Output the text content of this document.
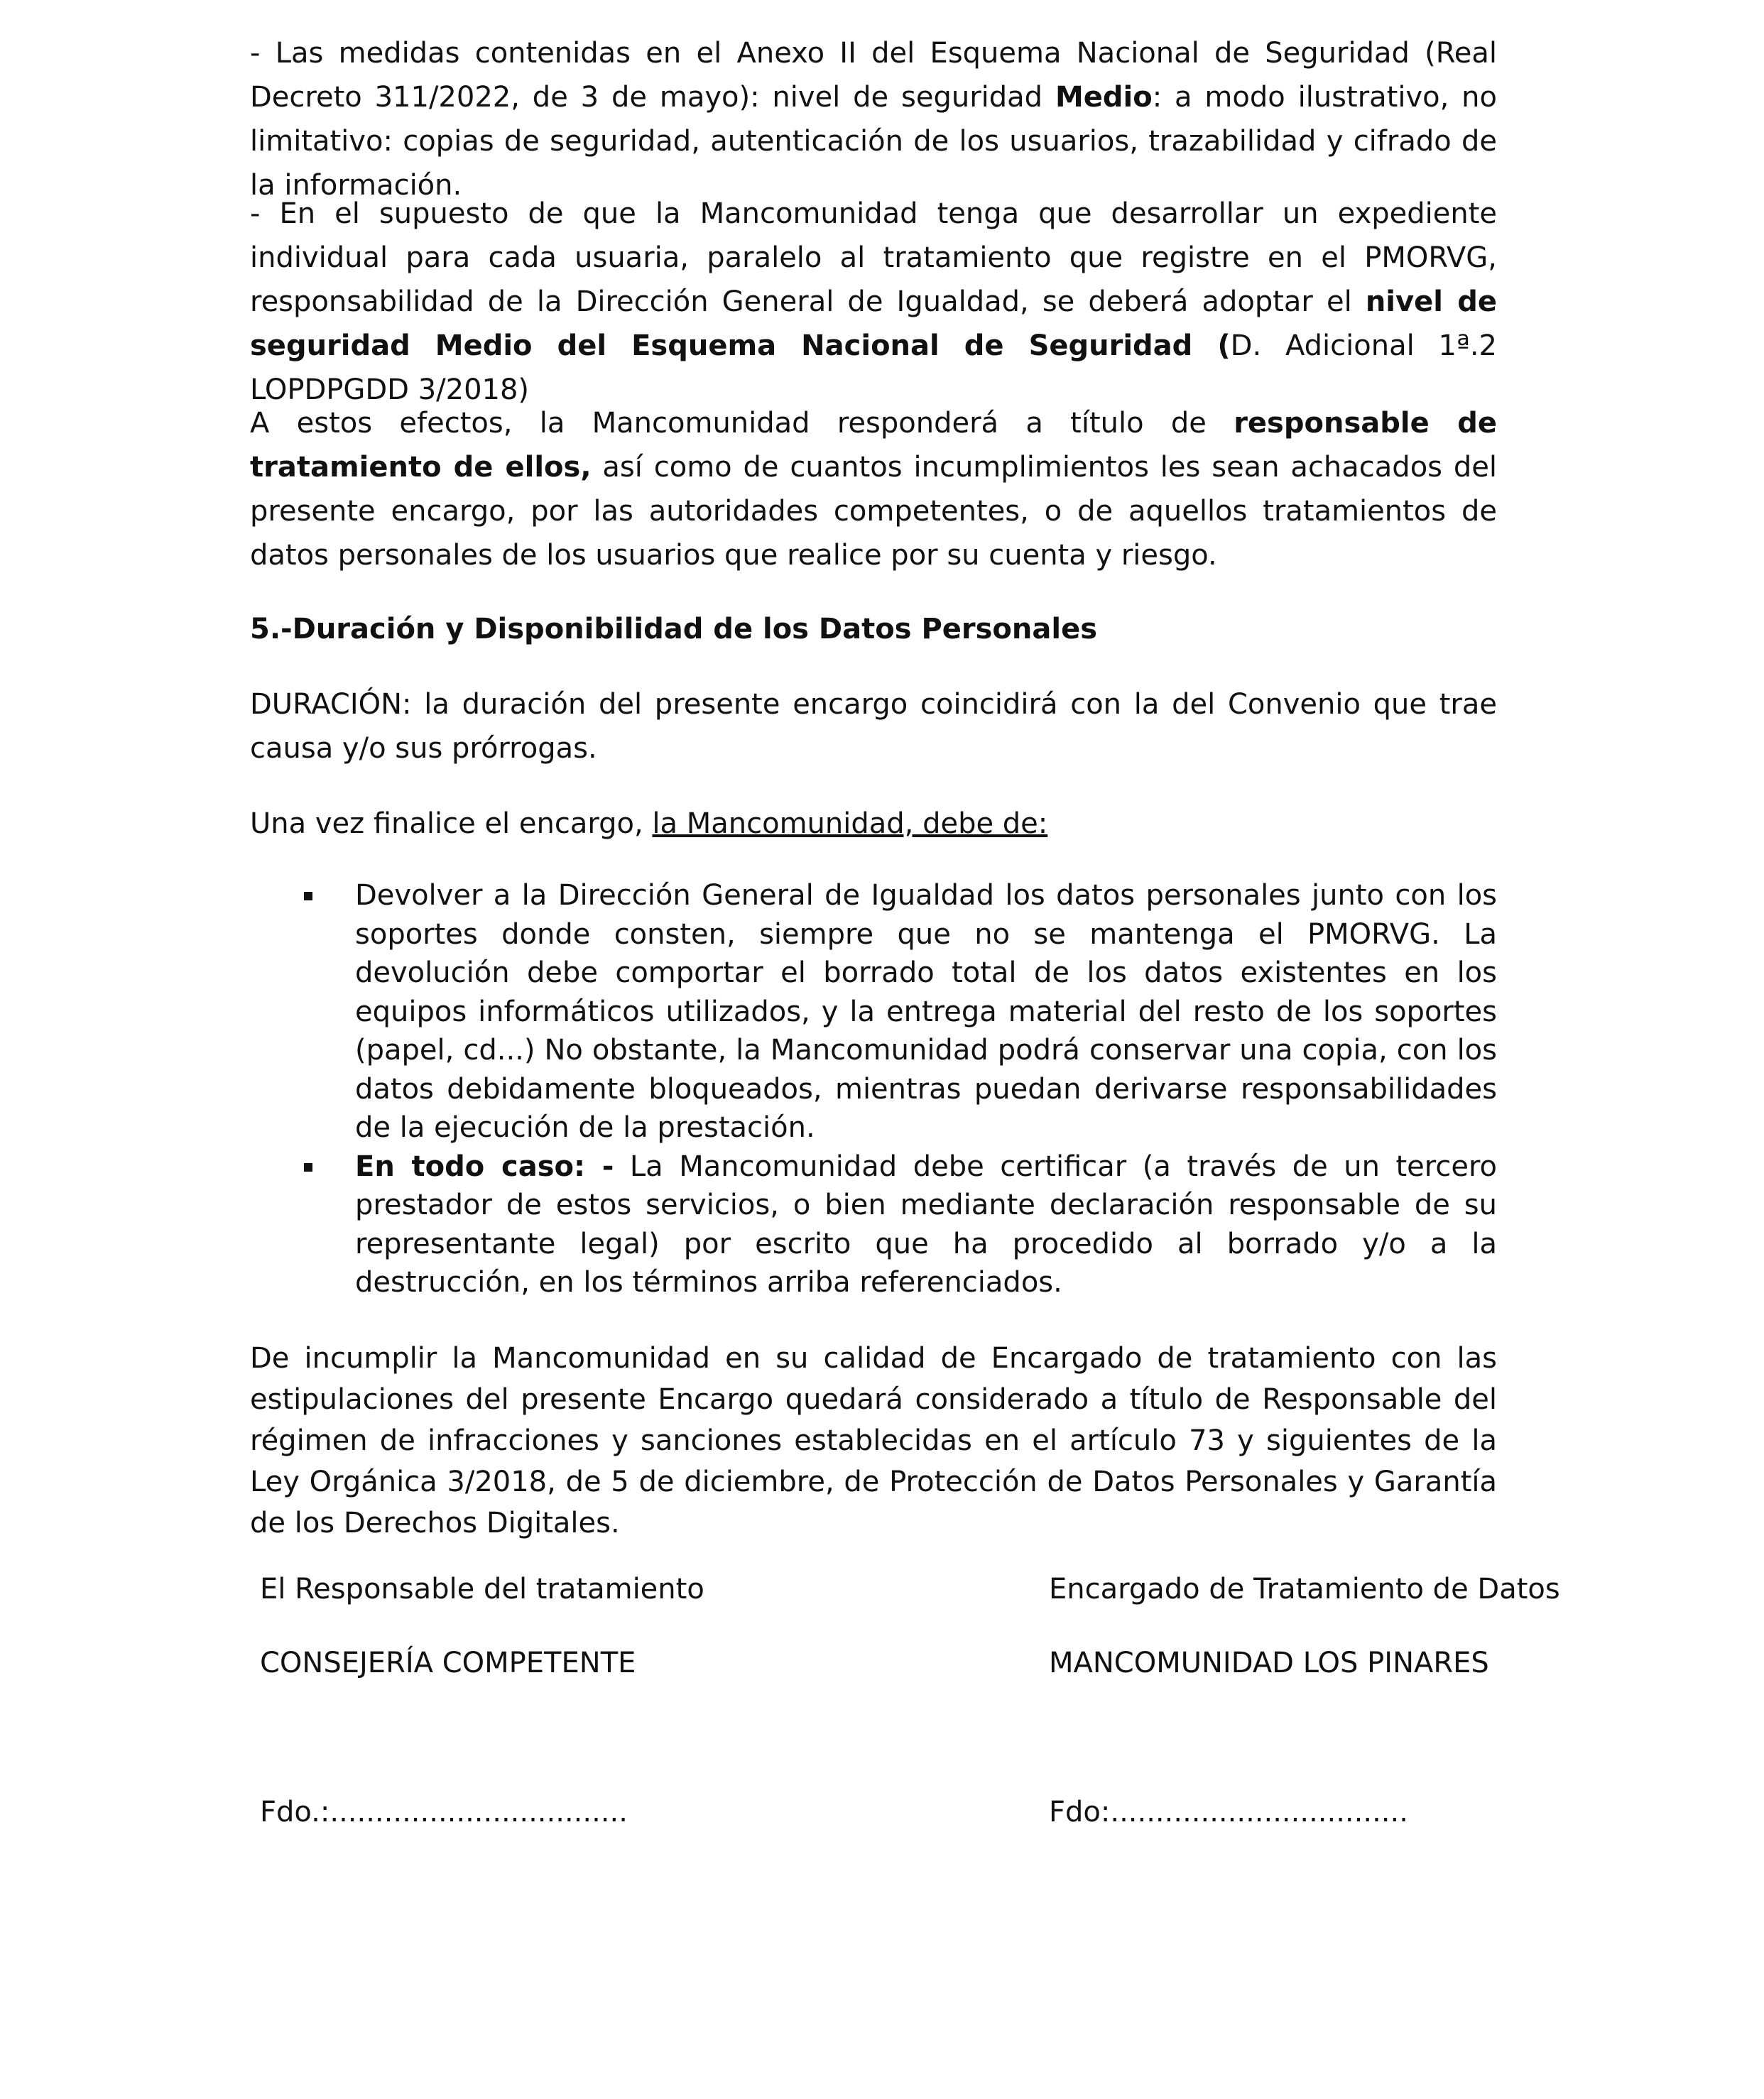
- Las medidas contenidas en el Anexo II del Esquema Nacional de Seguridad (Real Decreto 311/2022, de 3 de mayo): nivel de seguridad Medio: a modo ilustrativo, no limitativo: copias de seguridad, autenticación de los usuarios, trazabilidad y cifrado de la información.
- En el supuesto de que la Mancomunidad tenga que desarrollar un expediente individual para cada usuaria, paralelo al tratamiento que registre en el PMORVG, responsabilidad de la Dirección General de Igualdad, se deberá adoptar el nivel de seguridad Medio del Esquema Nacional de Seguridad (D. Adicional 1ª.2 LOPDPGDD 3/2018)
A estos efectos, la Mancomunidad responderá a título de responsable de tratamiento de ellos, así como de cuantos incumplimientos les sean achacados del presente encargo, por las autoridades competentes, o de aquellos tratamientos de datos personales de los usuarios que realice por su cuenta y riesgo.
5.-Duración y Disponibilidad de los Datos Personales
DURACIÓN: la duración del presente encargo coincidirá con la del Convenio que trae causa y/o sus prórrogas.
Una vez finalice el encargo, la Mancomunidad, debe de:
Devolver a la Dirección General de Igualdad los datos personales junto con los soportes donde consten, siempre que no se mantenga el PMORVG. La devolución debe comportar el borrado total de los datos existentes en los equipos informáticos utilizados, y la entrega material del resto de los soportes (papel, cd...) No obstante, la Mancomunidad podrá conservar una copia, con los datos debidamente bloqueados, mientras puedan derivarse responsabilidades de la ejecución de la prestación.
En todo caso: - La Mancomunidad debe certificar (a través de un tercero prestador de estos servicios, o bien mediante declaración responsable de su representante legal) por escrito que ha procedido al borrado y/o a la destrucción, en los términos arriba referenciados.
De incumplir la Mancomunidad en su calidad de Encargado de tratamiento con las estipulaciones del presente Encargo quedará considerado a título de Responsable del régimen de infracciones y sanciones establecidas en el artículo 73 y siguientes de la Ley Orgánica 3/2018, de 5 de diciembre, de Protección de Datos Personales y Garantía de los Derechos Digitales.
El Responsable del tratamiento	Encargado de Tratamiento de Datos
CONSEJERÍA COMPETENTE	MANCOMUNIDAD LOS PINARES
Fdo.:.................................	Fdo:.................................
